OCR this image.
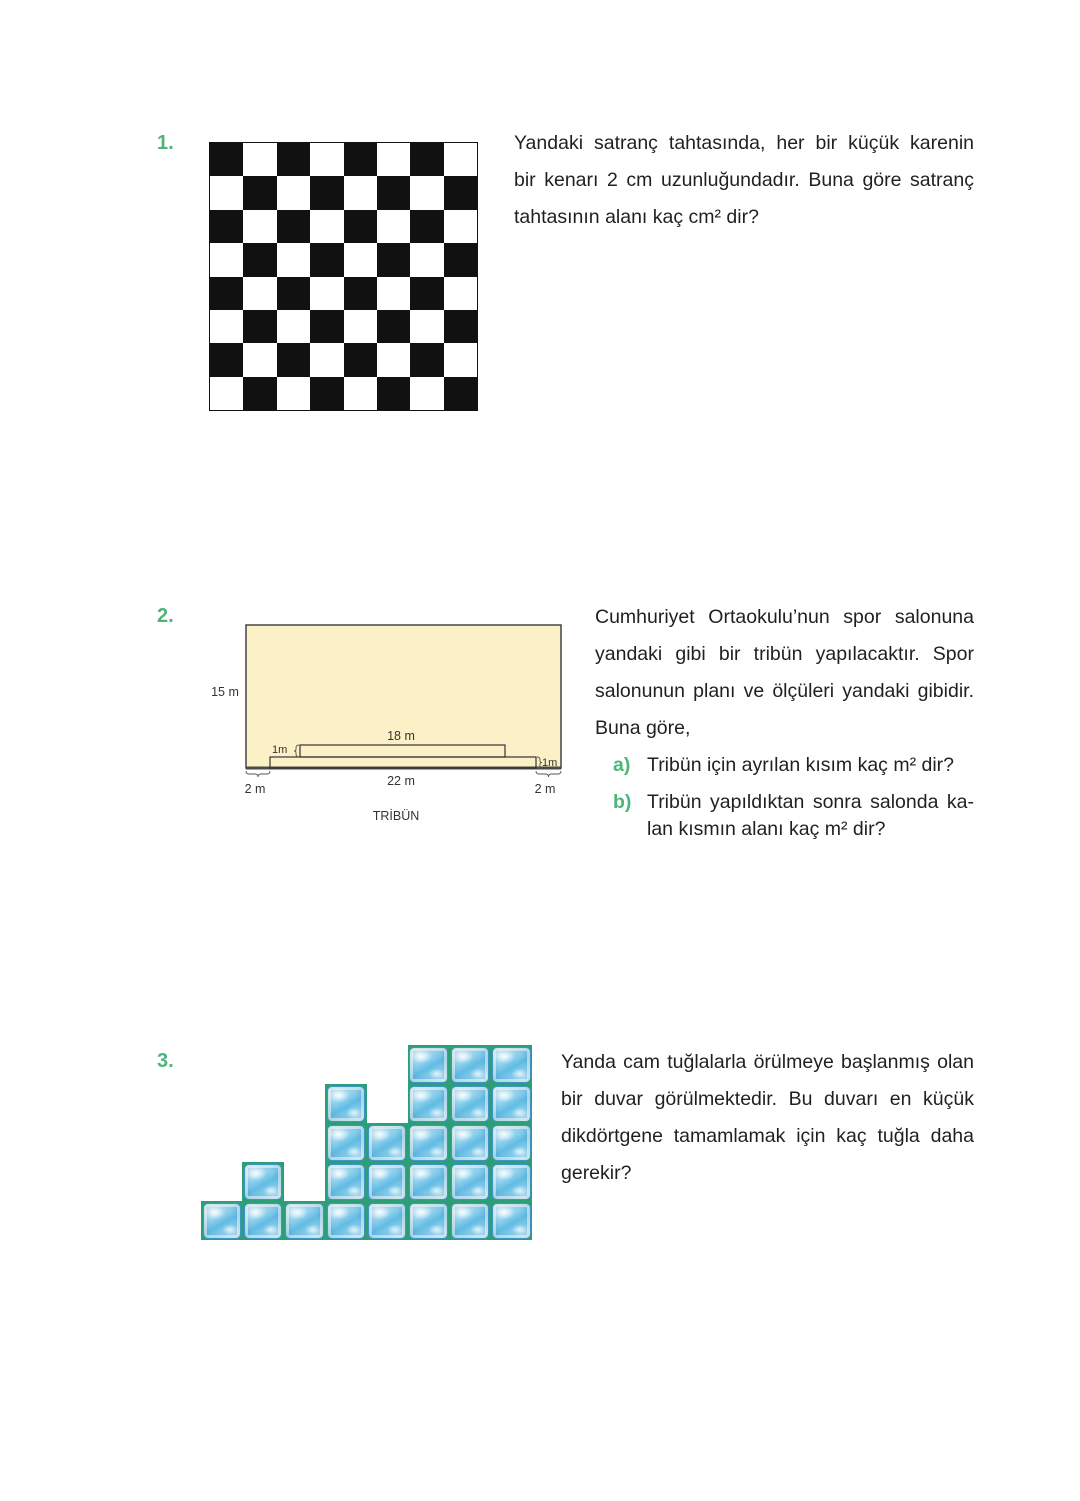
1.	Yandaki satranç tahtasında, her bir küçük karenin
bir kenarı 2 cm uzunluğundadır. Buna göre satranç
tahtasının alanı kaç cm² dir?
2.
15 m
18 m
1m
1m
22 m
2 m	2 m
TRİBÜN
Cumhuriyet Ortaokulu’nun spor salonuna
yandaki gibi bir tribün yapılacaktır. Spor
salonunun planı ve ölçüleri yandaki gibidir.
Buna göre,
a) Tribün için ayrılan kısım kaç m² dir?
b) Tribün yapıldıktan sonra salonda ka-
lan kısmın alanı kaç m² dir?
3.	Yanda cam tuğlalarla örülmeye başlanmış olan
bir duvar görülmektedir. Bu duvarı en küçük
dikdörtgene tamamlamak için kaç tuğla daha
gerekir?
